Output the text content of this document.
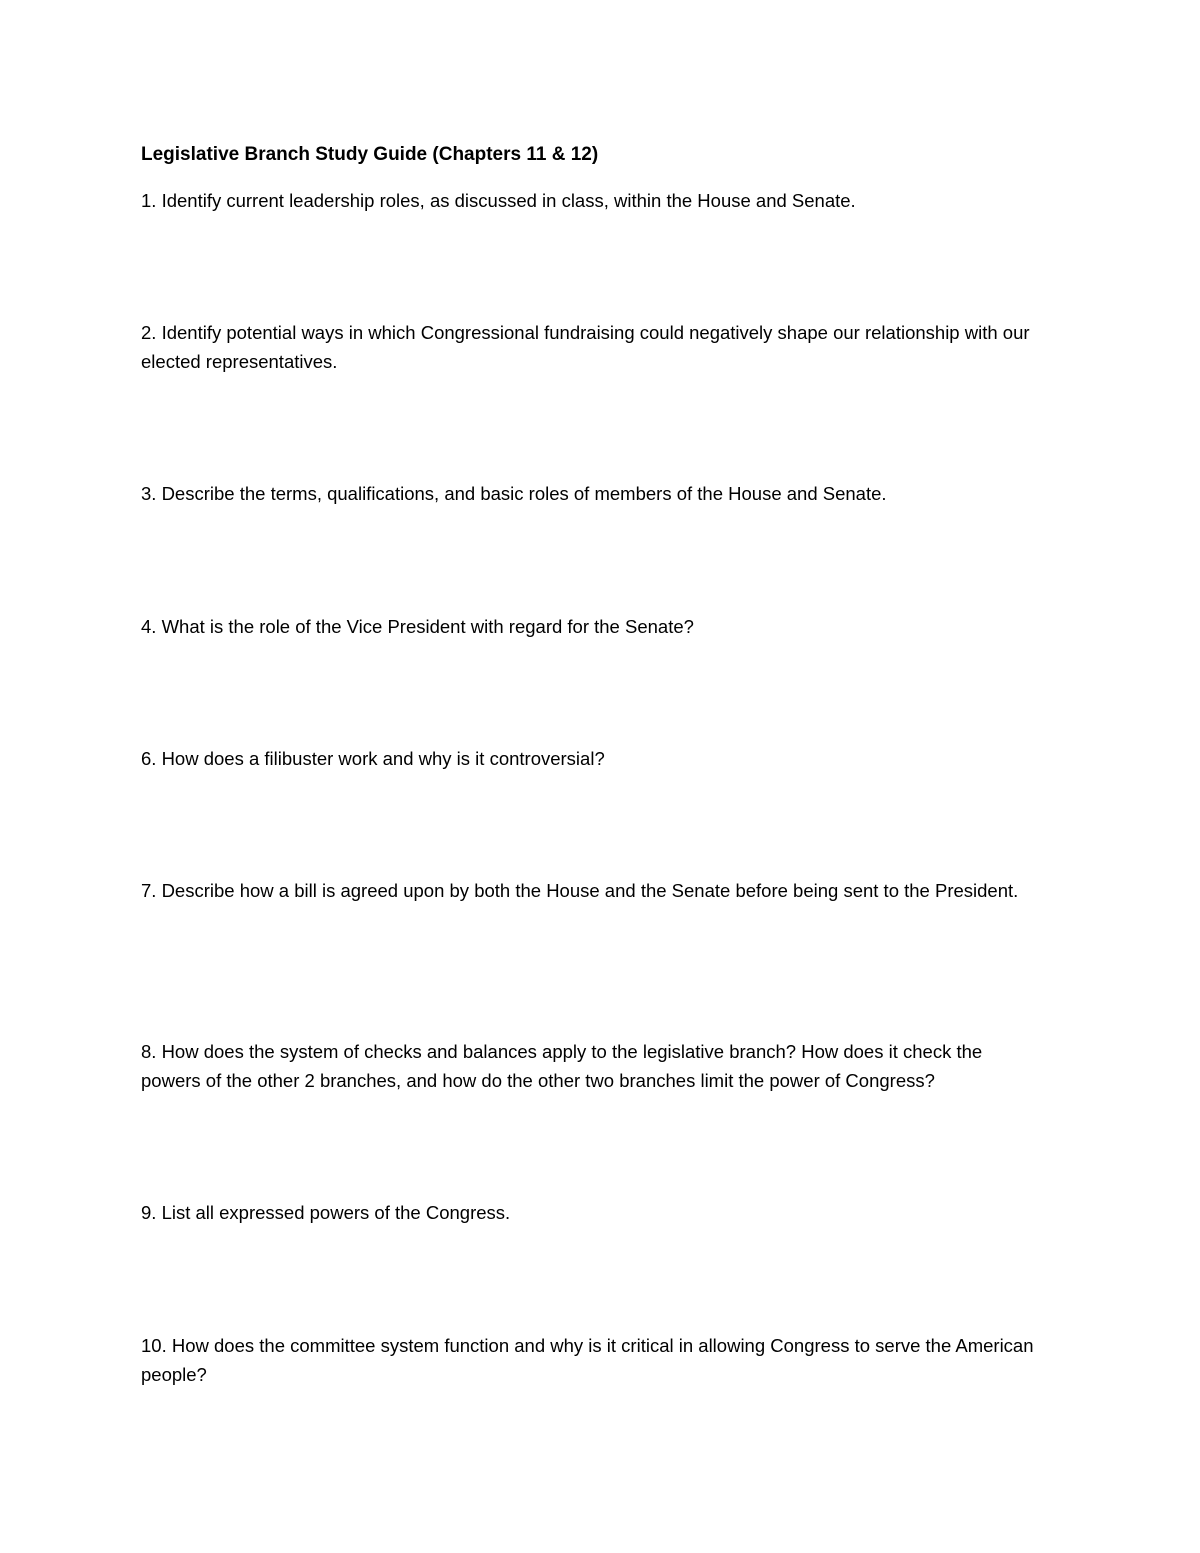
Legislative Branch Study Guide (Chapters 11 & 12)
1. Identify current leadership roles, as discussed in class, within the House and Senate.
2. Identify potential ways in which Congressional fundraising could negatively shape our relationship with our elected representatives.
3. Describe the terms, qualifications, and basic roles of members of the House and Senate.
4. What is the role of the Vice President with regard for the Senate?
6. How does a filibuster work and why is it controversial?
7. Describe how a bill is agreed upon by both the House and the Senate before being sent to the President.
8. How does the system of checks and balances apply to the legislative branch? How does it check the powers of the other 2 branches, and how do the other two branches limit the power of Congress?
9. List all expressed powers of the Congress.
10. How does the committee system function and why is it critical in allowing Congress to serve the American people?
